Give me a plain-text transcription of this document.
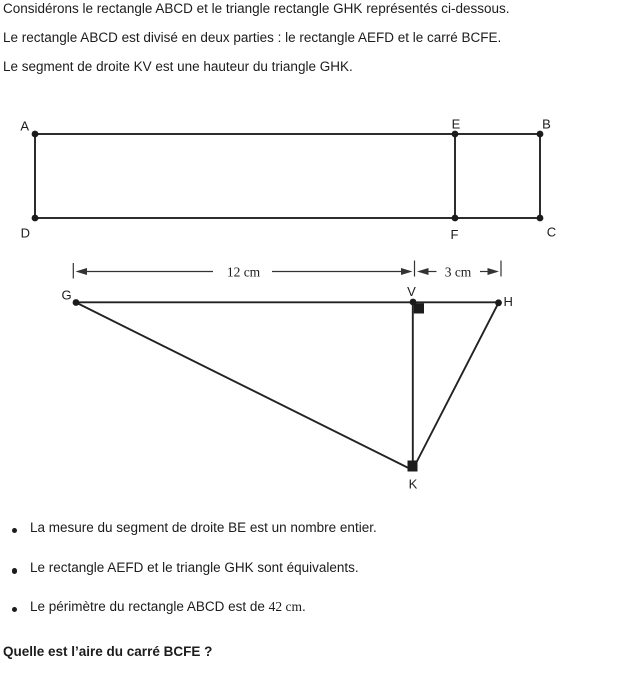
Considérons le rectangle ABCD et le triangle rectangle GHK représentés ci-dessous.

Le rectangle ABCD est divisé en deux parties : le rectangle AEFD et le carré BCFE.

Le segment de droite KV est une hauteur du triangle GHK.

A	E	B
D	F	C
12 cm	3 cm
G	V
H
K
La mesure du segment de droite BE est un nombre entier.
Le rectangle AEFD et le triangle GHK sont équivalents.
Le périmètre du rectangle ABCD est de 42 cm.

Quelle est l’aire du carré BCFE ?
